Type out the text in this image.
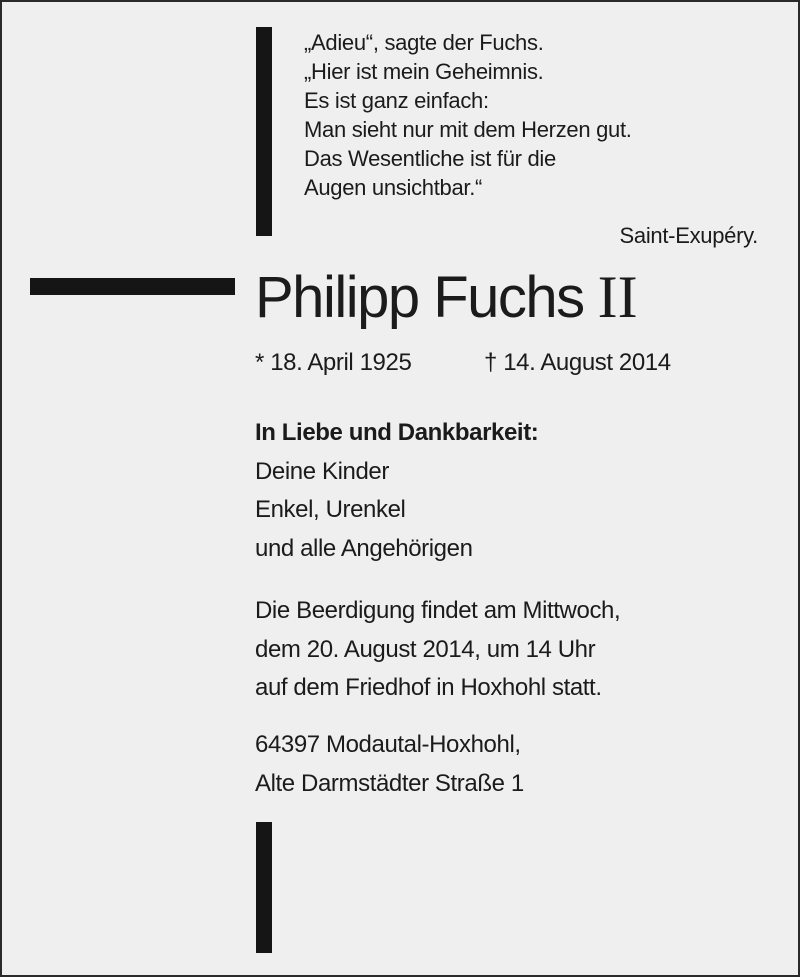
„Adieu“, sagte der Fuchs.
„Hier ist mein Geheimnis.
Es ist ganz einfach:
Man sieht nur mit dem Herzen gut.
Das Wesentliche ist für die
Augen unsichtbar.“
Saint-Exupéry.
Philipp Fuchs II
* 18. April 1925	† 14. August 2014
In Liebe und Dankbarkeit:
Deine Kinder
Enkel, Urenkel
und alle Angehörigen
Die Beerdigung findet am Mittwoch,
dem 20. August 2014, um 14 Uhr
auf dem Friedhof in Hoxhohl statt.
64397 Modautal-Hoxhohl,
Alte Darmstädter Straße 1
